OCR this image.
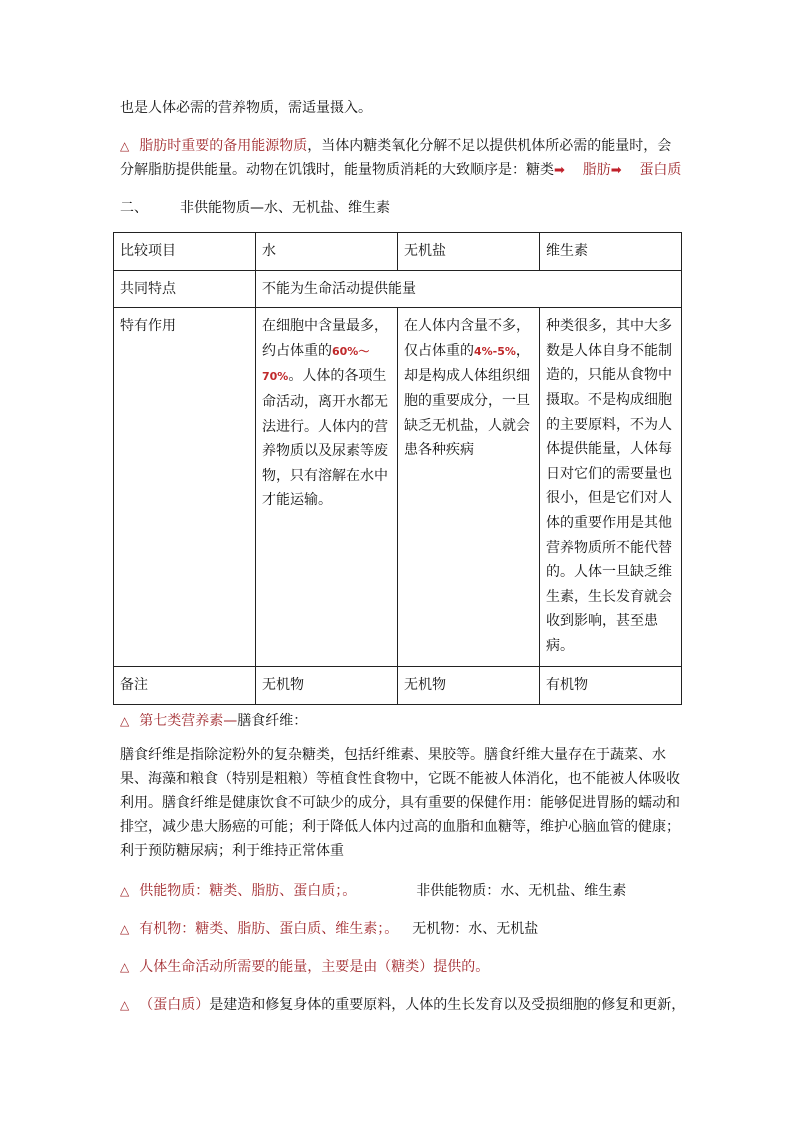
也是人体必需的营养物质，需适量摄入。
△ 脂肪时重要的备用能源物质，当体内糖类氧化分解不足以提供机体所必需的能量时，会
分解脂肪提供能量。动物在饥饿时，能量物质消耗的大致顺序是：糖类➡ 脂肪➡ 蛋白质
二、 非供能物质—水、无机盐、维生素
比较项目	水	无机盐	维生素
共同特点	不能为生命活动提供能量		
特有作用	在细胞中含量最多，约占体重的60%～70%。人体的各项生命活动，离开水都无法进行。人体内的营养物质以及尿素等废物，只有溶解在水中才能运输。	在人体内含量不多，仅占体重的4%-5%，却是构成人体组织细胞的重要成分，一旦缺乏无机盐，人就会患各种疾病	种类很多，其中大多数是人体自身不能制造的，只能从食物中摄取。不是构成细胞的主要原料，不为人体提供能量，人体每日对它们的需要量也很小，但是它们对人体的重要作用是其他营养物质所不能代替的。人体一旦缺乏维生素，生长发育就会收到影响，甚至患病。
备注	无机物	无机物	有机物
△ 第七类营养素—膳食纤维：
膳食纤维是指除淀粉外的复杂糖类，包括纤维素、果胶等。膳食纤维大量存在于蔬菜、水果、海藻和粮食（特别是粗粮）等植食性食物中，它既不能被人体消化，也不能被人体吸收利用。膳食纤维是健康饮食不可缺少的成分，具有重要的保健作用：能够促进胃肠的蠕动和排空，减少患大肠癌的可能；利于降低人体内过高的血脂和血糖等，维护心脑血管的健康；利于预防糖尿病；利于维持正常体重
△ 供能物质：糖类、脂肪、蛋白质；。	非供能物质：水、无机盐、维生素
△ 有机物：糖类、脂肪、蛋白质、维生素；。 无机物：水、无机盐
△ 人体生命活动所需要的能量，主要是由（糖类）提供的。
△ （蛋白质）是建造和修复身体的重要原料，人体的生长发育以及受损细胞的修复和更新，
